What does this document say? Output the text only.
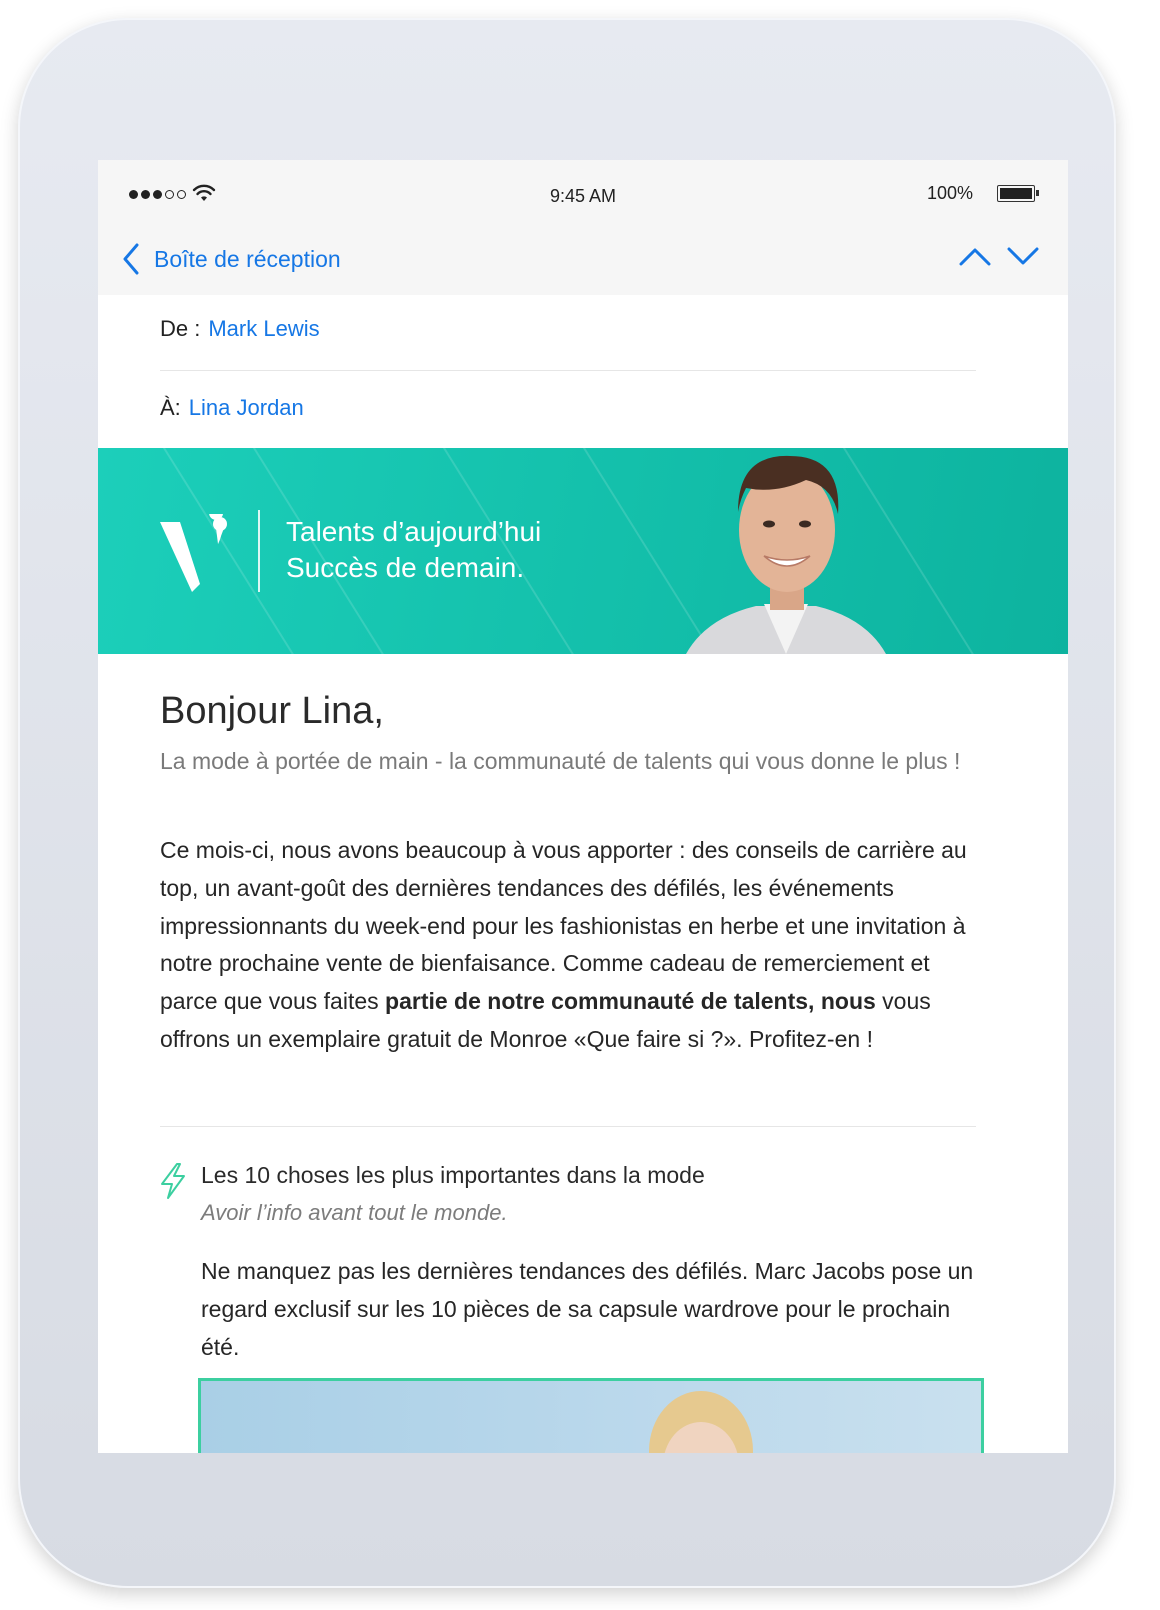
9:45 AM	100%
Boîte de réception
De : Mark Lewis
À: Lina Jordan
Talents d’aujourd’hui
Succès de demain.
Bonjour Lina,
La mode à portée de main - la communauté de talents qui vous donne le plus !
Ce mois-ci, nous avons beaucoup à vous apporter : des conseils de carrière au top, un avant-goût des dernières tendances des défilés, les événements impressionnants du week-end pour les fashionistas en herbe et une invitation à notre prochaine vente de bienfaisance. Comme cadeau de remerciement et parce que vous faites partie de notre communauté de talents, nous vous offrons un exemplaire gratuit de Monroe «Que faire si ?». Profitez-en !
Les 10 choses les plus importantes dans la mode
Avoir l’info avant tout le monde.
Ne manquez pas les dernières tendances des défilés. Marc Jacobs pose un regard exclusif sur les 10 pièces de sa capsule wardrove pour le prochain été.
